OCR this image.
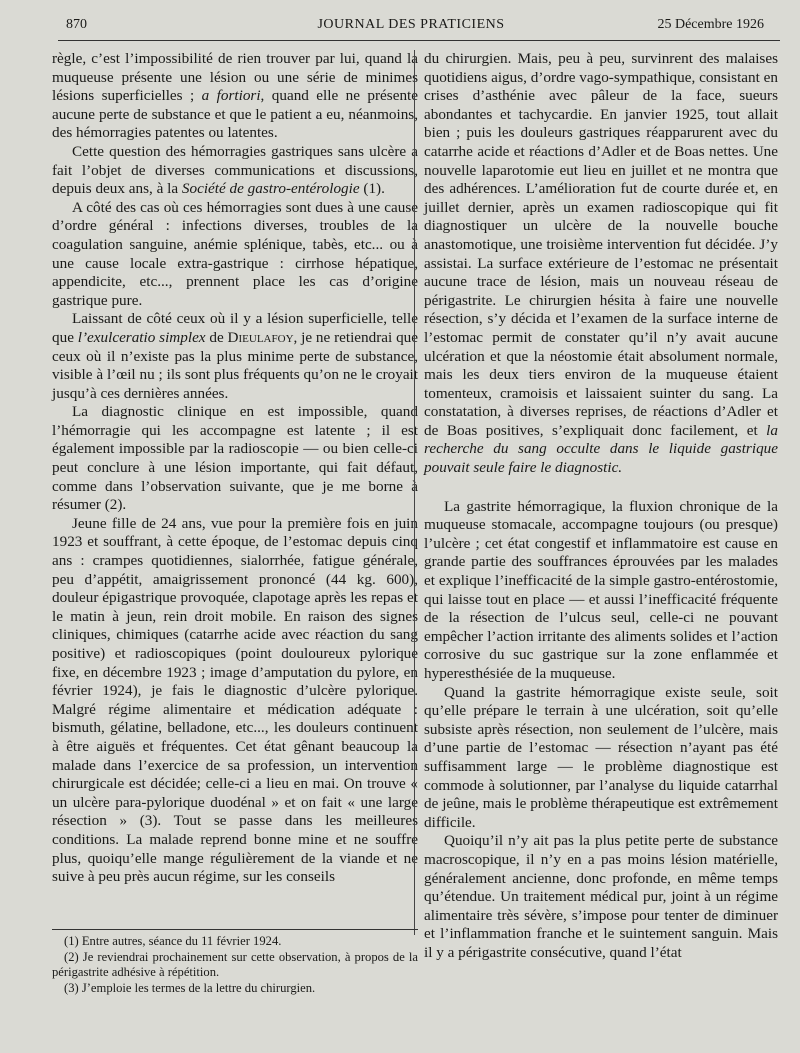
870	JOURNAL DES PRATICIENS	25 Décembre 1926

règle, c’est l’impossibilité de rien trouver par lui, quand la muqueuse présente une lésion ou une série de minimes lésions superficielles ; a fortiori, quand elle ne présente aucune perte de substance et que le patient a eu, néanmoins, des hémorragies patentes ou latentes.

Cette question des hémorragies gastriques sans ulcère a fait l’objet de diverses communications et discussions, depuis deux ans, à la Société de gastro-entérologie (1).

A côté des cas où ces hémorragies sont dues à une cause d’ordre général : infections diverses, troubles de la coagulation sanguine, anémie splénique, tabès, etc... ou à une cause locale extra-gastrique : cirrhose hépatique, appendicite, etc..., prennent place les cas d’origine gastrique pure.

Laissant de côté ceux où il y a lésion superficielle, telle que l’exulceratio simplex de Dieulafoy, je ne retiendrai que ceux où il n’existe pas la plus minime perte de substance, visible à l’œil nu ; ils sont plus fréquents qu’on ne le croyait jusqu’à ces dernières années.

La diagnostic clinique en est impossible, quand l’hémorragie qui les accompagne est latente ; il est également impossible par la radioscopie — ou bien celle-ci peut conclure à une lésion importante, qui fait défaut, comme dans l’observation suivante, que je me borne à résumer (2).

Jeune fille de 24 ans, vue pour la première fois en juin 1923 et souffrant, à cette époque, de l’estomac depuis cinq ans : crampes quotidiennes, sialorrhée, fatigue générale, peu d’appétit, amaigrissement prononcé (44 kg. 600), douleur épigastrique provoquée, clapotage après les repas et le matin à jeun, rein droit mobile. En raison des signes cliniques, chimiques (catarrhe acide avec réaction du sang positive) et radioscopiques (point douloureux pylorique fixe, en décembre 1923 ; image d’amputation du pylore, en février 1924), je fais le diagnostic d’ulcère pylorique. Malgré régime alimentaire et médication adéquate : bismuth, gélatine, belladone, etc..., les douleurs continuent à être aiguës et fréquentes. Cet état gênant beaucoup la malade dans l’exercice de sa profession, un intervention chirurgicale est décidée; celle-ci a lieu en mai. On trouve « un ulcère para-pylorique duodénal » et on fait « une large résection » (3). Tout se passe dans les meilleures conditions. La malade reprend bonne mine et ne souffre plus, quoiqu’elle mange régulièrement de la viande et ne suive à peu près aucun régime, sur les conseils

du chirurgien. Mais, peu à peu, survinrent des malaises quotidiens aigus, d’ordre vago-sympathique, consistant en crises d’asthénie avec pâleur de la face, sueurs abondantes et tachycardie. En janvier 1925, tout allait bien ; puis les douleurs gastriques réapparurent avec du catarrhe acide et réactions d’Adler et de Boas nettes. Une nouvelle laparotomie eut lieu en juillet et ne montra que des adhérences. L’amélioration fut de courte durée et, en juillet dernier, après un examen radioscopique qui fit diagnostiquer un ulcère de la nouvelle bouche anastomotique, une troisième intervention fut décidée. J’y assistai. La surface extérieure de l’estomac ne présentait aucune trace de lésion, mais un nouveau réseau de périgastrite. Le chirurgien hésita à faire une nouvelle résection, s’y décida et l’examen de la surface interne de l’estomac permit de constater qu’il n’y avait aucune ulcération et que la néostomie était absolument normale, mais les deux tiers environ de la muqueuse étaient tomenteux, cramoisis et laissaient suinter du sang. La constatation, à diverses reprises, de réactions d’Adler et de Boas positives, s’expliquait donc facilement, et la recherche du sang occulte dans le liquide gastrique pouvait seule faire le diagnostic.

La gastrite hémorragique, la fluxion chronique de la muqueuse stomacale, accompagne toujours (ou presque) l’ulcère ; cet état congestif et inflammatoire est cause en grande partie des souffrances éprouvées par les malades et explique l’inefficacité de la simple gastro-entérostomie, qui laisse tout en place — et aussi l’inefficacité fréquente de la résection de l’ulcus seul, celle-ci ne pouvant empêcher l’action irritante des aliments solides et l’action corrosive du suc gastrique sur la zone enflammée et hyperesthésiée de la muqueuse.

Quand la gastrite hémorragique existe seule, soit qu’elle prépare le terrain à une ulcération, soit qu’elle subsiste après résection, non seulement de l’ulcère, mais d’une partie de l’estomac — résection n’ayant pas été suffisamment large — le problème diagnostique est commode à solutionner, par l’analyse du liquide catarrhal de jeûne, mais le problème thérapeutique est extrêmement difficile.

Quoiqu’il n’y ait pas la plus petite perte de substance macroscopique, il n’y en a pas moins lésion matérielle, généralement ancienne, donc profonde, en même temps qu’étendue. Un traitement médical pur, joint à un régime alimentaire très sévère, s’impose pour tenter de diminuer et l’inflammation franche et le suintement sanguin. Mais il y a périgastrite consécutive, quand l’état

(1) Entre autres, séance du 11 février 1924.

(2) Je reviendrai prochainement sur cette observation, à propos de la périgastrite adhésive à répétition.

(3) J’emploie les termes de la lettre du chirurgien.
